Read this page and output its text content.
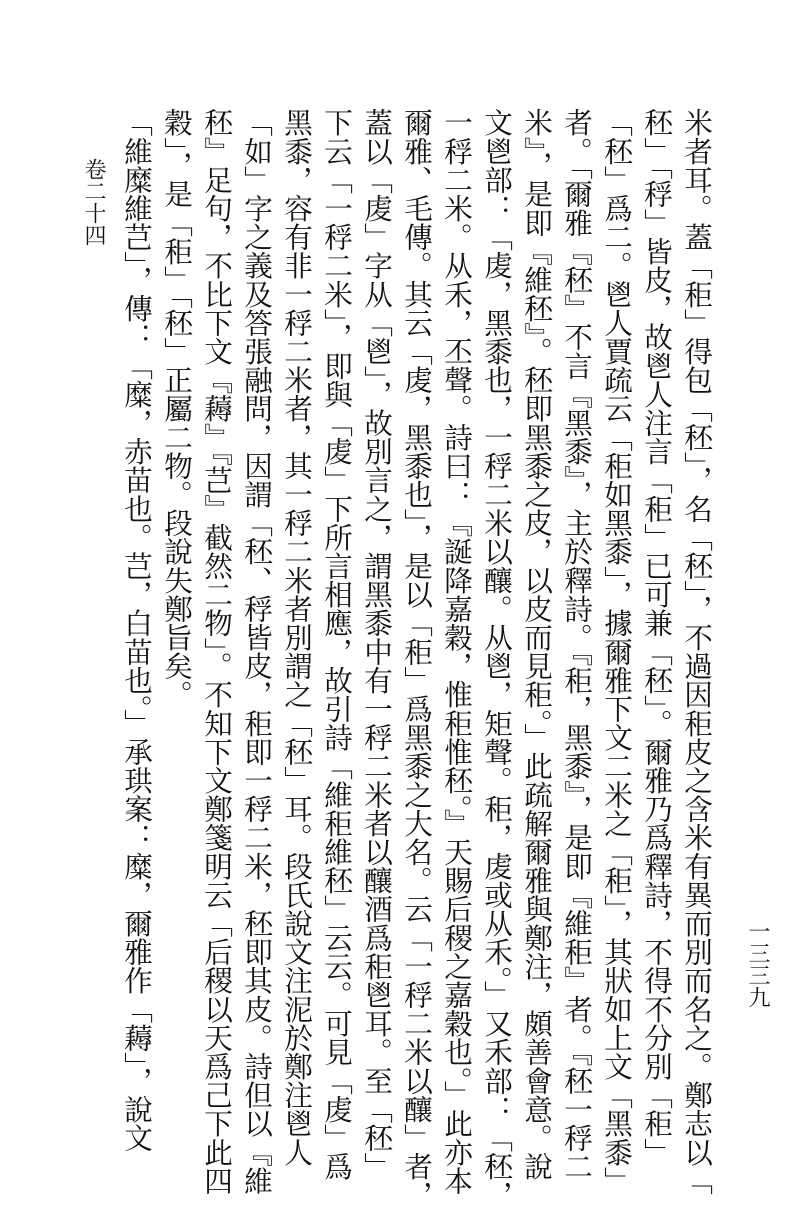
卷二十四	米者耳。蓋「秬」得包「秠」，名「秠」，不過因秬皮之含米有異而別而名之。鄭志以「
秠」「稃」皆皮，故鬯人注言「秬」已可兼「秠」。爾雅乃爲釋詩，不得不分別「秬」
「秠」爲二。鬯人賈疏云「秬如黑黍」，據爾雅下文二米之「秬」，其狀如上文「黑黍」
者。「爾雅『秠』不言『黑黍』，主於釋詩。『秬，黑黍』，是即『維秬』者。『秠一稃二
米』，是即『維秠』。秠即黑黍之皮，以皮而見秬。」此疏解爾雅與鄭注，頗善會意。說
文鬯部：「䖍，黑黍也，一稃二米以釀。从鬯，矩聲。秬，䖍或从禾。」又禾部：「秠，
一稃二米。从禾，丕聲。詩曰：『誕降嘉穀，惟秬惟秠。』天賜后稷之嘉穀也。」此亦本
爾雅、毛傳。其云「䖍，黑黍也」，是以「秬」爲黑黍之大名。云「一稃二米以釀」者，
蓋以「䖍」字从「鬯」，故別言之，謂黑黍中有一稃二米者以釀酒爲秬鬯耳。至「秠」
下云「一稃二米」，即與「䖍」下所言相應，故引詩「維秬維秠」云云。可見「䖍」爲
黑黍，容有非一稃二米者，其一稃二米者別謂之「秠」耳。段氏說文注泥於鄭注鬯人
「如」字之義及答張融問，因謂「秠、稃皆皮，秬即一稃二米，秠即其皮。詩但以『維
秠』足句，不比下文『𧂭』『芑』截然二物」。不知下文鄭箋明云「后稷以天爲己下此四
穀」，是「秬」「秠」正屬二物。段說失鄭旨矣。
「維糜維芑」，傳：「糜，赤苗也。芑，白苗也。」承珙案：糜，爾雅作「𧂭」，說文	一三三九
